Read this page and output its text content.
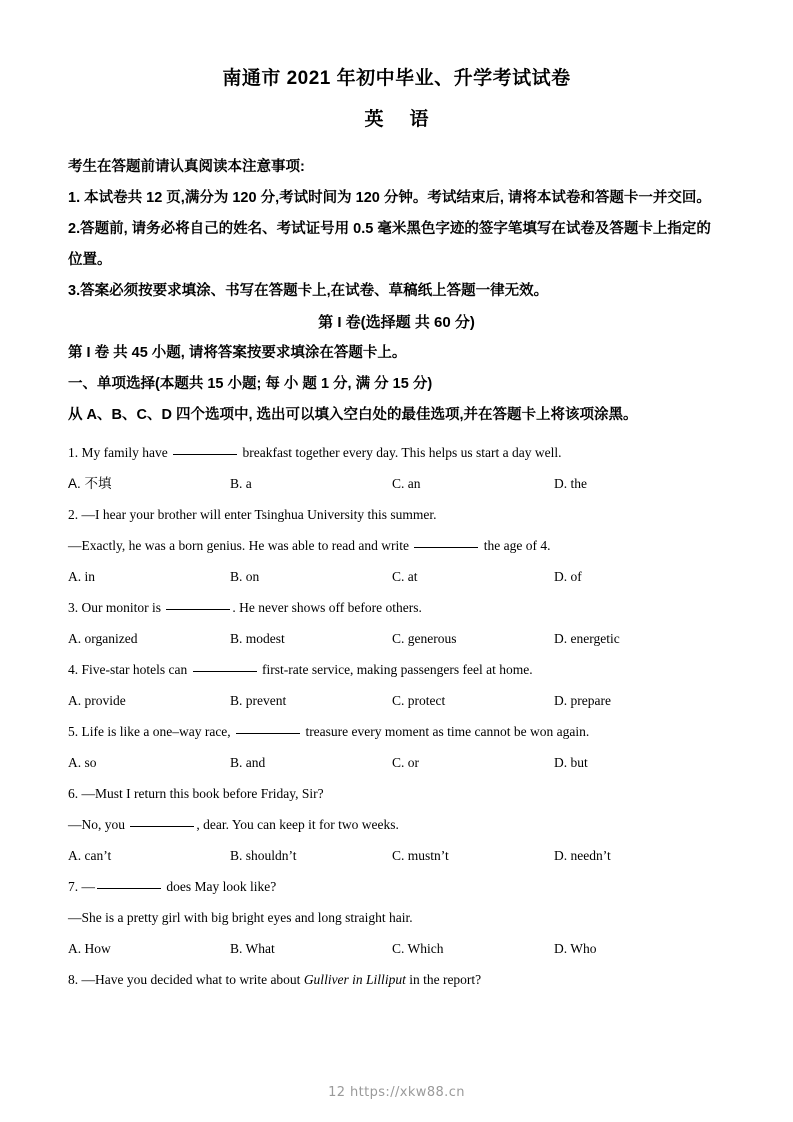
南通市 2021 年初中毕业、升学考试试卷
英 语

考生在答题前请认真阅读本注意事项:

1. 本试卷共 12 页,满分为 120 分,考试时间为 120 分钟。考试结束后, 请将本试卷和答题卡一并交回。

2.答题前, 请务必将自己的姓名、考试证号用 0.5 毫米黑色字迹的签字笔填写在试卷及答题卡上指定的 位置。

3.答案必须按要求填涂、书写在答题卡上,在试卷、草稿纸上答题一律无效。

第 I 卷(选择题 共 60 分)

第 I 卷 共 45 小题, 请将答案按要求填涂在答题卡上。

一、单项选择(本题共 15 小题; 每 小 题 1 分, 满 分 15 分)

从 A、B、C、D 四个选项中, 选出可以填入空白处的最佳选项,并在答题卡上将该项涂黑。

1. My family have	breakfast together every day. This helps us start a day well.
A. 不填	B. a	C. an	D. the
2. —I hear your brother will enter Tsinghua University this summer.
—Exactly, he was a born genius. He was able to read and write	the age of 4.
A. in	B. on	C. at	D. of
3. Our monitor is	. He never shows off before others.
A. organized	B. modest	C. generous	D. energetic
4. Five-star hotels can	first-rate service, making passengers feel at home.
A. provide	B. prevent	C. protect	D. prepare
5. Life is like a one–way race,	treasure every moment as time cannot be won again.
A. so	B. and	C. or	D. but
6. —Must I return this book before Friday, Sir?
—No, you	, dear. You can keep it for two weeks.
A. can’t	B. shouldn’t	C. mustn’t	D. needn’t
7. —	does May look like?
—She is a pretty girl with big bright eyes and long straight hair.
A. How	B. What	C. Which	D. Who
8. —Have you decided what to write about Gulliver in Lilliput in the report?
12 https://xkw88.cn
